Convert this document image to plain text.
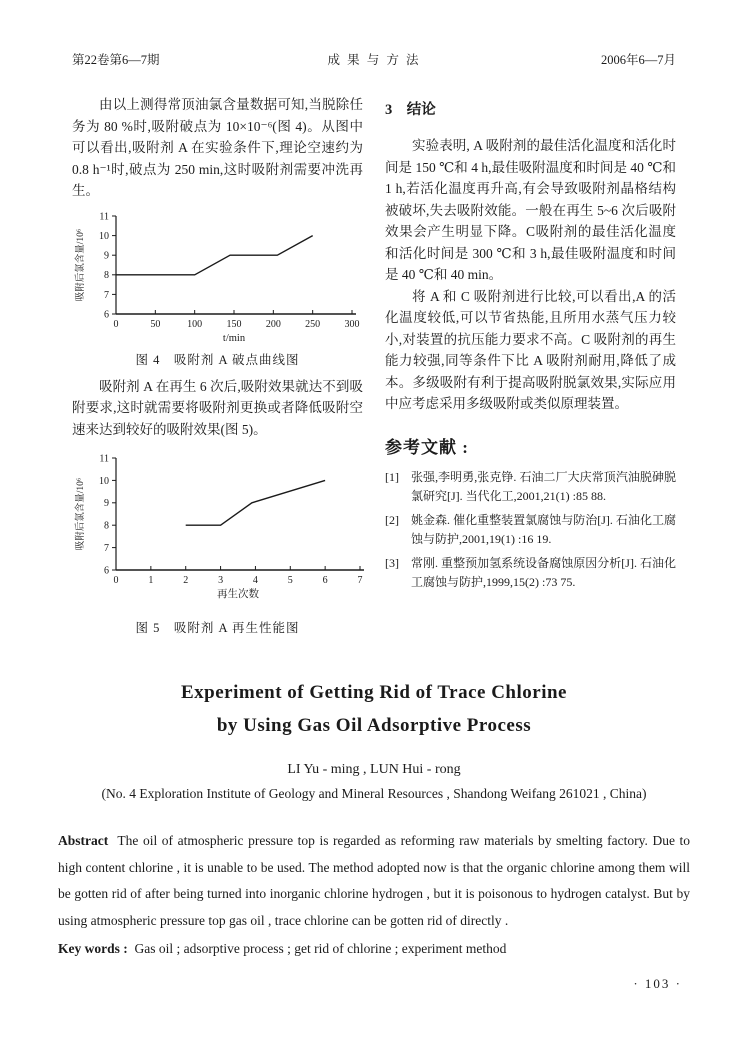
第22卷第6—7期	成 果 与 方 法	2006年6—7月

由以上测得常顶油氯含量数据可知,当脱除任务为 80 %时,吸附破点为 10×10⁻⁶(图 4)。从图中可以看出,吸附剂 A 在实验条件下,理论空速约为0.8 h⁻¹时,破点为 250 min,这时吸附剂需要冲洗再生。

0	50	100 150 200 250 300
6
7
8
9
10
11
t/min
吸附后氯含量/10⁶
图 4　吸附剂 A 破点曲线图

吸附剂 A 在再生 6 次后,吸附效果就达不到吸附要求,这时就需要将吸附剂更换或者降低吸附空速来达到较好的吸附效果(图 5)。

0	1	2	3	4	5	6	7
6
7
8
9
10
11
再生次数
吸附后氯含量/10⁶
图 5　吸附剂 A 再生性能图
3　结论

实验表明, A 吸附剂的最佳活化温度和活化时间是 150 ℃和 4 h,最佳吸附温度和时间是 40 ℃和 1 h,若活化温度再升高,有会导致吸附剂晶格结构被破坏,失去吸附效能。一般在再生 5~6 次后吸附效果会产生明显下降。C吸附剂的最佳活化温度和活化时间是 300 ℃和 3 h,最佳吸附温度和时间是 40 ℃和 40 min。

将 A 和 C 吸附剂进行比较,可以看出,A 的活化温度较低,可以节省热能,且所用水蒸气压力较小,对装置的抗压能力要求不高。C 吸附剂的再生能力较强,同等条件下比 A 吸附剂耐用,降低了成本。多级吸附有利于提高吸附脱氯效果,实际应用中应考虑采用多级吸附或类似原理装置。

参考文献 :
[1]	张强,李明勇,张克铮. 石油二厂大庆常顶汽油脱砷脱氯研究[J]. 当代化工,2001,21(1) :85 88.
[2]	姚金森. 催化重整装置氯腐蚀与防治[J]. 石油化工腐蚀与防护,2001,19(1) :16 19.
[3]	常刚. 重整预加氢系统设备腐蚀原因分析[J]. 石油化工腐蚀与防护,1999,15(2) :73 75.
Experiment of Getting Rid of Trace Chlorine
by Using Gas Oil Adsorptive Process
LI Yu - ming , LUN Hui - rong
(No. 4 Exploration Institute of Geology and Mineral Resources , Shandong Weifang 261021 , China)

Abstract The oil of atmospheric pressure top is regarded as reforming raw materials by smelting factory. Due to high content chlorine , it is unable to be used. The method adopted now is that the organic chlorine among them will be gotten rid of after being turned into inorganic chlorine hydrogen , but it is poisonous to hydrogen catalyst. But by using atmospheric pressure top gas oil , trace chlorine can be gotten rid of directly .

Key words : Gas oil ; adsorptive process ; get rid of chlorine ; experiment method

· 103 ·
